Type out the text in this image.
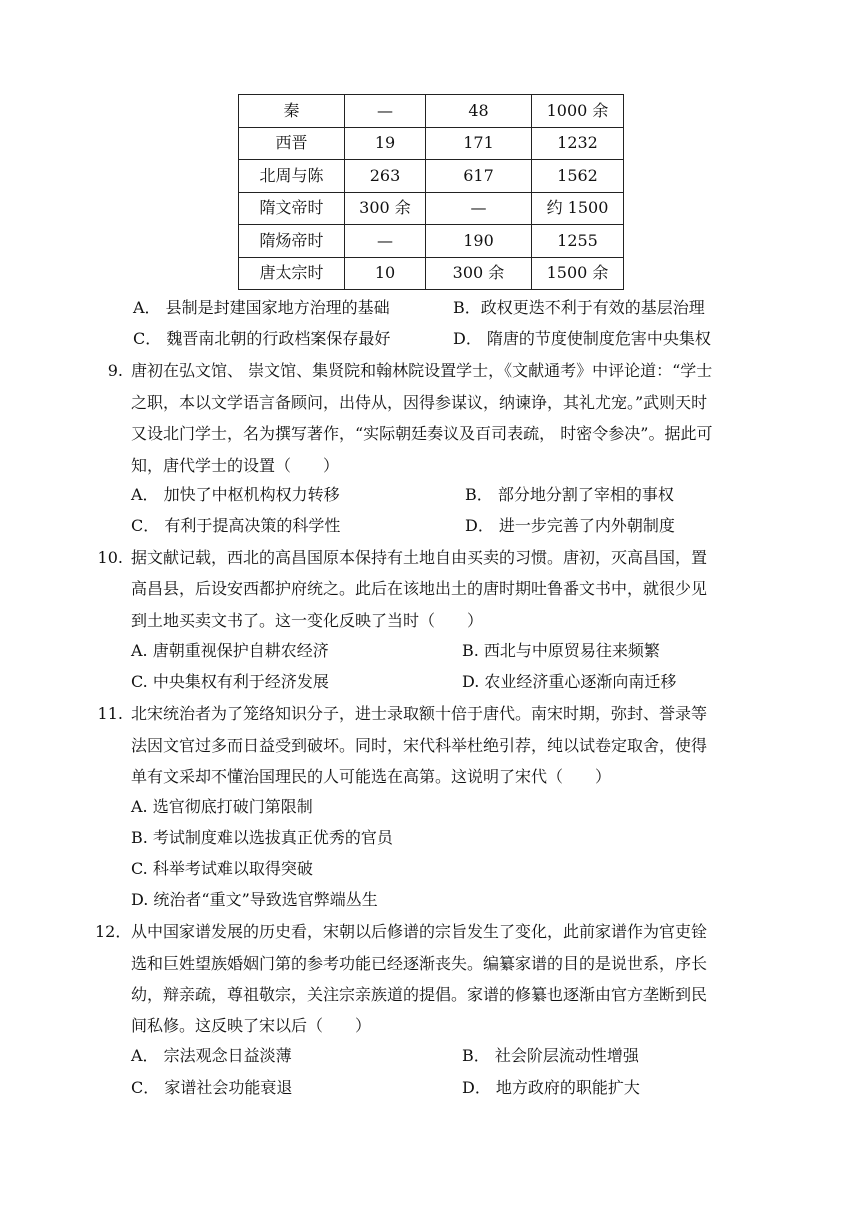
秦	—	48	1000 余
西晋	19	171	1232
北周与陈	263	617	1562
隋文帝时	300 余	—	约 1500
隋炀帝时	—	190	1255
唐太宗时	10	300 余	1500 余
A． 县制是封建国家地方治理的基础	B．政权更迭不利于有效的基层治理
C． 魏晋南北朝的行政档案保存最好	D． 隋唐的节度使制度危害中央集权
9. 唐初在弘文馆、 崇文馆、集贤院和翰林院设置学士，《文献通考》中评论道：“学士
之职，本以文学语言备顾问，出侍从，因得参谋议，纳谏诤，其礼尤宠。”武则天时
又设北门学士，名为撰写著作，“实际朝廷奏议及百司表疏， 时密令参决”。据此可
知，唐代学士的设置（　　）
A． 加快了中枢机构权力转移	B． 部分地分割了宰相的事权
C． 有利于提高决策的科学性	D． 进一步完善了内外朝制度
10. 据文献记载，西北的高昌国原本保持有土地自由买卖的习惯。唐初，灭高昌国，置
高昌县，后设安西都护府统之。此后在该地出土的唐时期吐鲁番文书中，就很少见
到土地买卖文书了。这一变化反映了当时（　　）
A. 唐朝重视保护自耕农经济	B. 西北与中原贸易往来频繁
C. 中央集权有利于经济发展	D. 农业经济重心逐渐向南迁移
11. 北宋统治者为了笼络知识分子，进士录取额十倍于唐代。南宋时期，弥封、誉录等
法因文官过多而日益受到破坏。同时，宋代科举杜绝引荐，纯以试卷定取舍，使得
单有文采却不懂治国理民的人可能选在高第。这说明了宋代（　　）
A. 选官彻底打破门第限制
B. 考试制度难以选拔真正优秀的官员
C. 科举考试难以取得突破
D. 统治者“重文”导致选官弊端丛生
12． 从中国家谱发展的历史看，宋朝以后修谱的宗旨发生了变化，此前家谱作为官吏铨
选和巨姓望族婚姻门第的参考功能已经逐渐丧失。编纂家谱的目的是说世系，序长
幼，辩亲疏，尊祖敬宗，关注宗亲族道的提倡。家谱的修纂也逐渐由官方垄断到民
间私修。这反映了宋以后（　　）
A． 宗法观念日益淡薄	B． 社会阶层流动性增强
C． 家谱社会功能衰退	D． 地方政府的职能扩大
